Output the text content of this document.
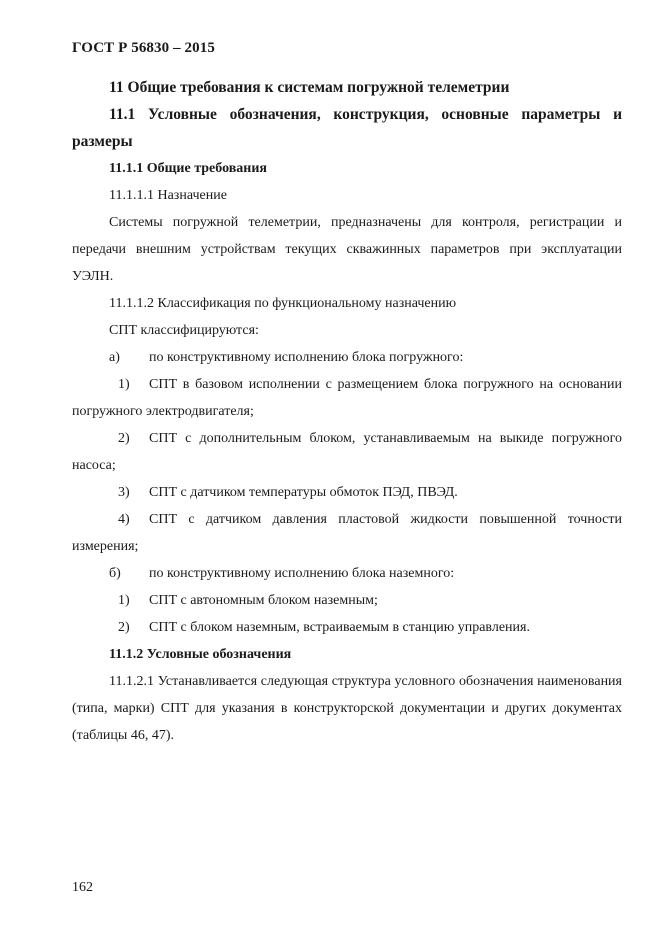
ГОСТ Р 56830 – 2015

11 Общие требования к системам погружной телеметрии

11.1 Условные обозначения, конструкция, основные параметры и размеры

11.1.1 Общие требования

11.1.1.1 Назначение

Системы погружной телеметрии, предназначены для контроля, регистрации и передачи внешним устройствам текущих скважинных параметров при эксплуатации УЭЛН.

11.1.1.2 Классификация по функциональному назначению

СПТ классифицируются:

а) по конструктивному исполнению блока погружного:

1) СПТ в базовом исполнении с размещением блока погружного на основании погружного электродвигателя;

2) СПТ с дополнительным блоком, устанавливаемым на выкиде погружного насоса;

3) СПТ с датчиком температуры обмоток ПЭД, ПВЭД.

4) СПТ с датчиком давления пластовой жидкости повышенной точности измерения;

б) по конструктивному исполнению блока наземного:

1) СПТ с автономным блоком наземным;

2) СПТ с блоком наземным, встраиваемым в станцию управления.

11.1.2 Условные обозначения

11.1.2.1 Устанавливается следующая структура условного обозначения наименования (типа, марки) СПТ для указания в конструкторской документации и других документах (таблицы 46, 47).

162
